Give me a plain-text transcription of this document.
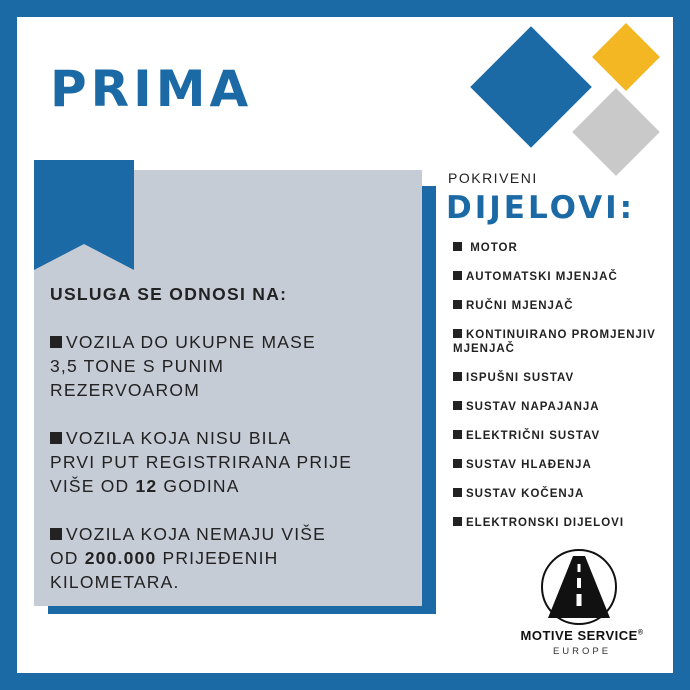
PRIMA
USLUGA SE ODNOSI NA:
VOZILA DO UKUPNE MASE
3,5 TONE S PUNIM
REZERVOAROM
VOZILA KOJA NISU BILA
PRVI PUT REGISTRIRANA PRIJE
VIŠE OD 12 GODINA
VOZILA KOJA NEMAJU VIŠE
OD 200.000 PRIJEĐENIH
KILOMETARA.
POKRIVENI
DIJELOVI:
MOTOR
AUTOMATSKI MJENJAČ
RUČNI MJENJAČ
KONTINUIRANO PROMJENJIV MJENJAČ
ISPUŠNI SUSTAV
SUSTAV NAPAJANJA
ELEKTRIČNI SUSTAV
SUSTAV HLAĐENJA
SUSTAV KOČENJA
ELEKTRONSKI DIJELOVI
MOTIVE SERVICE®
EUROPE
